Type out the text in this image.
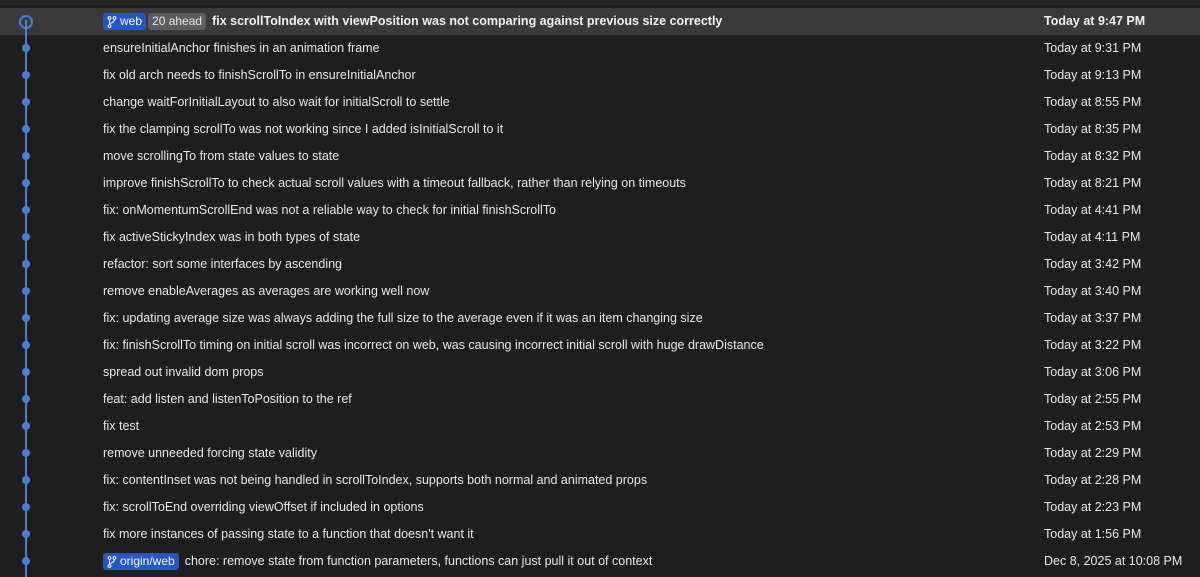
web 20 ahead fix scrollToIndex with viewPosition was not comparing against previous size correctly	Today at 9:47 PM
ensureInitialAnchor finishes in an animation frame	Today at 9:31 PM
fix old arch needs to finishScrollTo in ensureInitialAnchor	Today at 9:13 PM
change waitForInitialLayout to also wait for initialScroll to settle	Today at 8:55 PM
fix the clamping scrollTo was not working since I added isInitialScroll to it	Today at 8:35 PM
move scrollingTo from state values to state	Today at 8:32 PM
improve finishScrollTo to check actual scroll values with a timeout fallback, rather than relying on timeouts	Today at 8:21 PM
fix: onMomentumScrollEnd was not a reliable way to check for initial finishScrollTo	Today at 4:41 PM
fix activeStickyIndex was in both types of state	Today at 4:11 PM
refactor: sort some interfaces by ascending	Today at 3:42 PM
remove enableAverages as averages are working well now	Today at 3:40 PM
fix: updating average size was always adding the full size to the average even if it was an item changing size	Today at 3:37 PM
fix: finishScrollTo timing on initial scroll was incorrect on web, was causing incorrect initial scroll with huge drawDistance	Today at 3:22 PM
spread out invalid dom props	Today at 3:06 PM
feat: add listen and listenToPosition to the ref	Today at 2:55 PM
fix test	Today at 2:53 PM
remove unneeded forcing state validity	Today at 2:29 PM
fix: contentInset was not being handled in scrollToIndex, supports both normal and animated props	Today at 2:28 PM
fix: scrollToEnd overriding viewOffset if included in options	Today at 2:23 PM
fix more instances of passing state to a function that doesn't want it	Today at 1:56 PM
origin/web chore: remove state from function parameters, functions can just pull it out of context	Dec 8, 2025 at 10:08 PM
